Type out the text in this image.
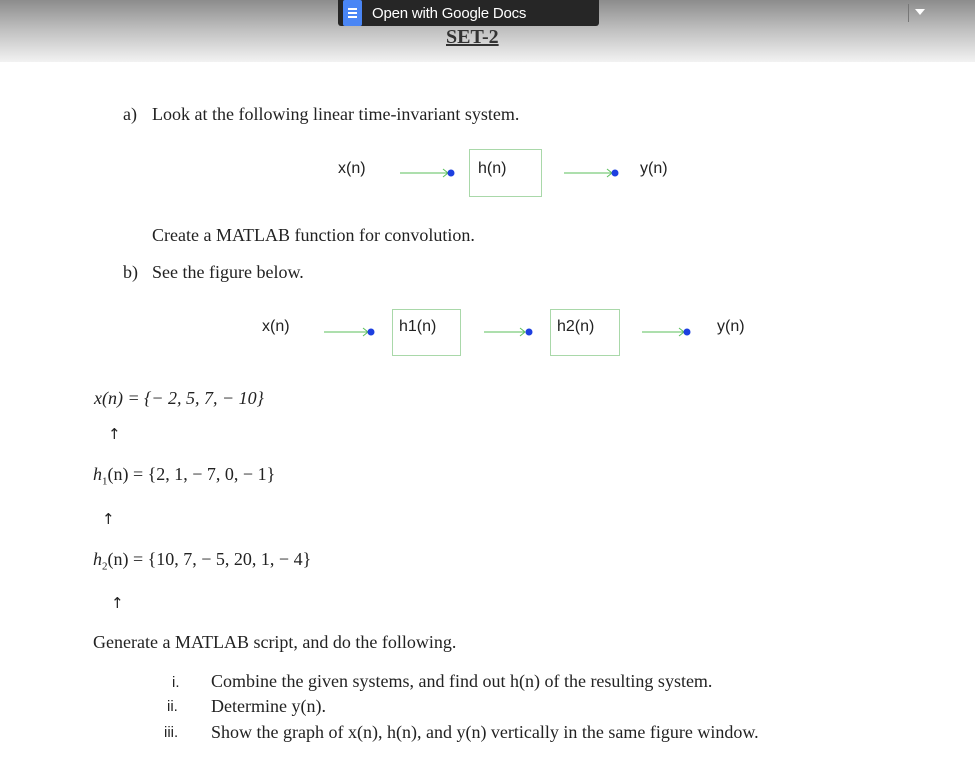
Open with Google Docs
SET-2
a) Look at the following linear time-invariant system.
x(n)	h(n)	y(n)
Create a MATLAB function for convolution.
b) See the figure below.
x(n)	h1(n)	h2(n)	y(n)
x(n) = {− 2, 5, 7, − 10}
↑
$h_1(n) = \{2$, 1, − 7, 0, − 1}
↑
$h_2(n) = \{10$, 7, − 5, 20, 1, − 4}
↑
Generate a MATLAB script, and do the following.
i. Combine the given systems, and find out h(n) of the resulting system.
ii. Determine y(n).
iii. Show the graph of x(n), h(n), and y(n) vertically in the same figure window.
